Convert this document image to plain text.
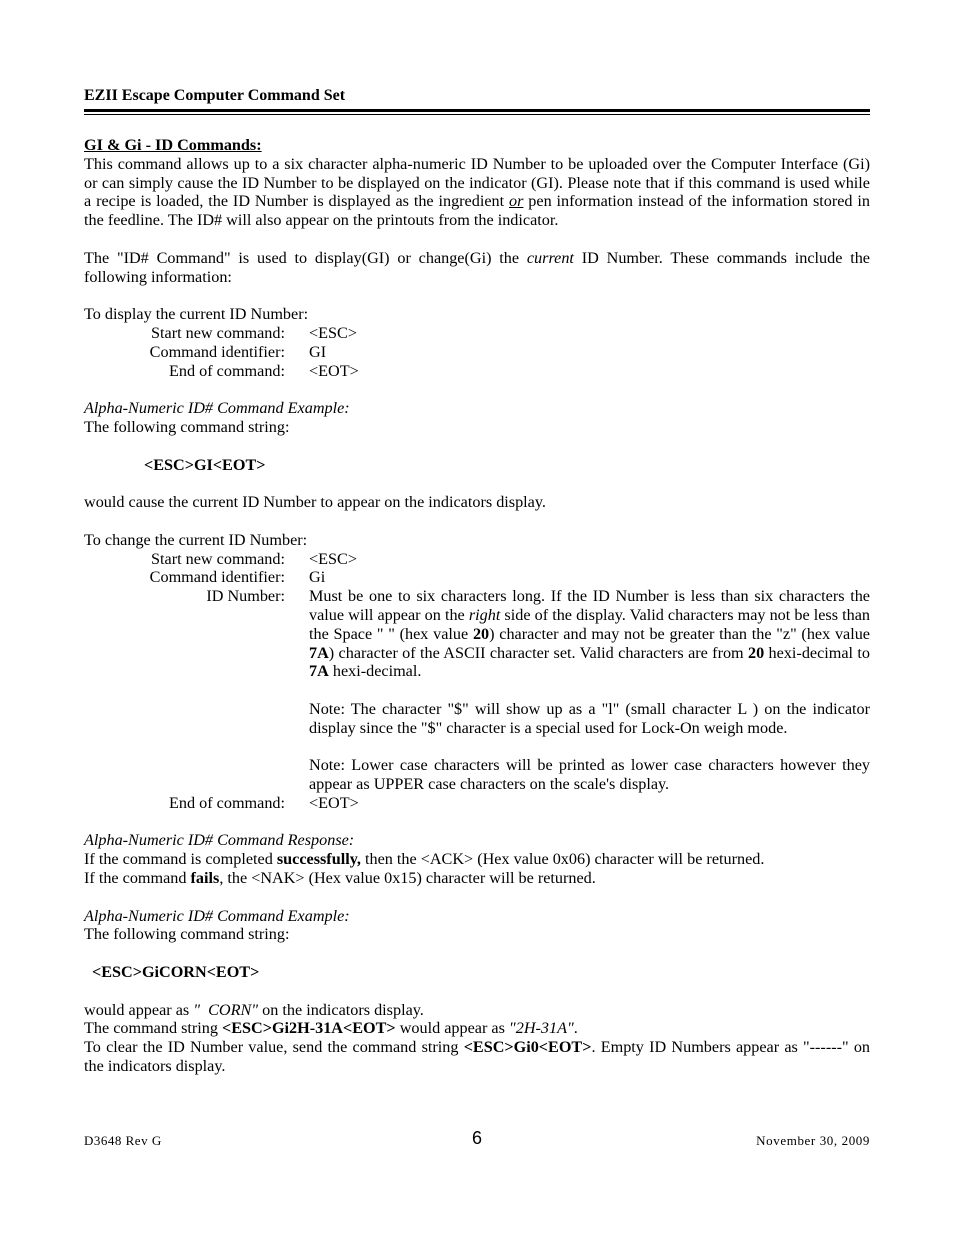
EZII Escape Computer Command Set
GI & Gi - ID Commands:

This command allows up to a six character alpha-numeric ID Number to be uploaded over the Computer Interface (Gi) or can simply cause the ID Number to be displayed on the indicator (GI). Please note that if this command is used while a recipe is loaded, the ID Number is displayed as the ingredient or pen information instead of the information stored in the feedline. The ID# will also appear on the printouts from the indicator.

The "ID# Command" is used to display(GI) or change(Gi) the current ID Number. These commands include the following information:

To display the current ID Number:
Start new command: <ESC>
Command identifier: GI
End of command: <EOT>
Alpha-Numeric ID# Command Example:
The following command string:
<ESC>GI<EOT>
would cause the current ID Number to appear on the indicators display.
To change the current ID Number:
Start new command: <ESC>
Command identifier: Gi
ID Number: Must be one to six characters long. If the ID Number is less than six characters the value will appear on the right side of the display. Valid characters may not be less than the Space " " (hex value 20) character and may not be greater than the "z" (hex value 7A) character of the ASCII character set. Valid characters are from 20 hexi-decimal to 7A hexi-decimal.
Note: The character "$" will show up as a "l" (small character L ) on the indicator display since the "$" character is a special used for Lock-On weigh mode.
Note: Lower case characters will be printed as lower case characters however they appear as UPPER case characters on the scale's display.
End of command: <EOT>
Alpha-Numeric ID# Command Response:
If the command is completed successfully, then the <ACK> (Hex value 0x06) character will be returned.
If the command fails, the <NAK> (Hex value 0x15) character will be returned.
Alpha-Numeric ID# Command Example:
The following command string:
<ESC>GiCORN<EOT>
would appear as "  CORN" on the indicators display.
The command string <ESC>Gi2H-31A<EOT> would appear as "2H-31A".

To clear the ID Number value, send the command string <ESC>Gi0<EOT>. Empty ID Numbers appear as "------" on the indicators display.

D3648 Rev G	6	November 30, 2009
